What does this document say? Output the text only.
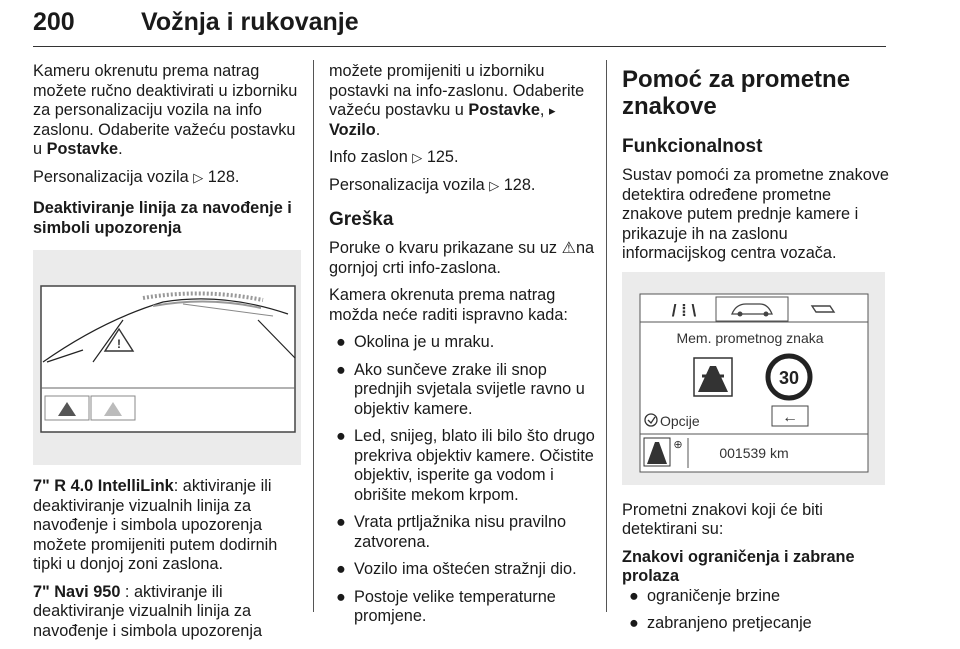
200	Vožnja i rukovanje

Kameru okrenutu prema natrag možete ručno deaktivirati u izborniku za personalizaciju vozila na info zaslonu. Odaberite važeću postavku u Postavke.

Personalizacija vozila ▷ 128.

Deaktiviranje linija za navođenje i simboli upozorenja

!

7" R 4.0 IntelliLink: aktiviranje ili deaktiviranje vizualnih linija za navođenje i simbola upozorenja možete promijeniti putem dodirnih tipki u donjoj zoni zaslona.

7" Navi 950 : aktiviranje ili deaktiviranje vizualnih linija za navođenje i simbola upozorenja

možete promijeniti u izborniku postavki na info-zaslonu. Odaberite važeću postavku u Postavke, ▸ Vozilo.

Info zaslon ▷ 125.

Personalizacija vozila ▷ 128.

Greška

Poruke o kvaru prikazane su uz ⚠na gornjoj crti info-zaslona.

Kamera okrenuta prema natrag možda neće raditi ispravno kada:

● Okolina je u mraku.
● Ako sunčeve zrake ili snop prednjih svjetala svijetle ravno u objektiv kamere.
● Led, snijeg, blato ili bilo što drugo prekriva objektiv kamere. Očistite objektiv, isperite ga vodom i obrišite mekom krpom.
● Vrata prtljažnika nisu pravilno zatvorena.
● Vozilo ima oštećen stražnji dio.
● Postoje velike temperaturne promjene.

Pomoć za prometne znakove

Funkcionalnost

Sustav pomoći za prometne znakove detektira određene prometne znakove putem prednje kamere i prikazuje ih na zaslonu informacijskog centra vozača.

/ ⁞ \
Mem. prometnog znaka
30
Opcije	←
⊕	001539 km

Prometni znakovi koji će biti detektirani su:

Znakovi ograničenja i zabrane prolaza

● ograničenje brzine
● zabranjeno pretjecanje
